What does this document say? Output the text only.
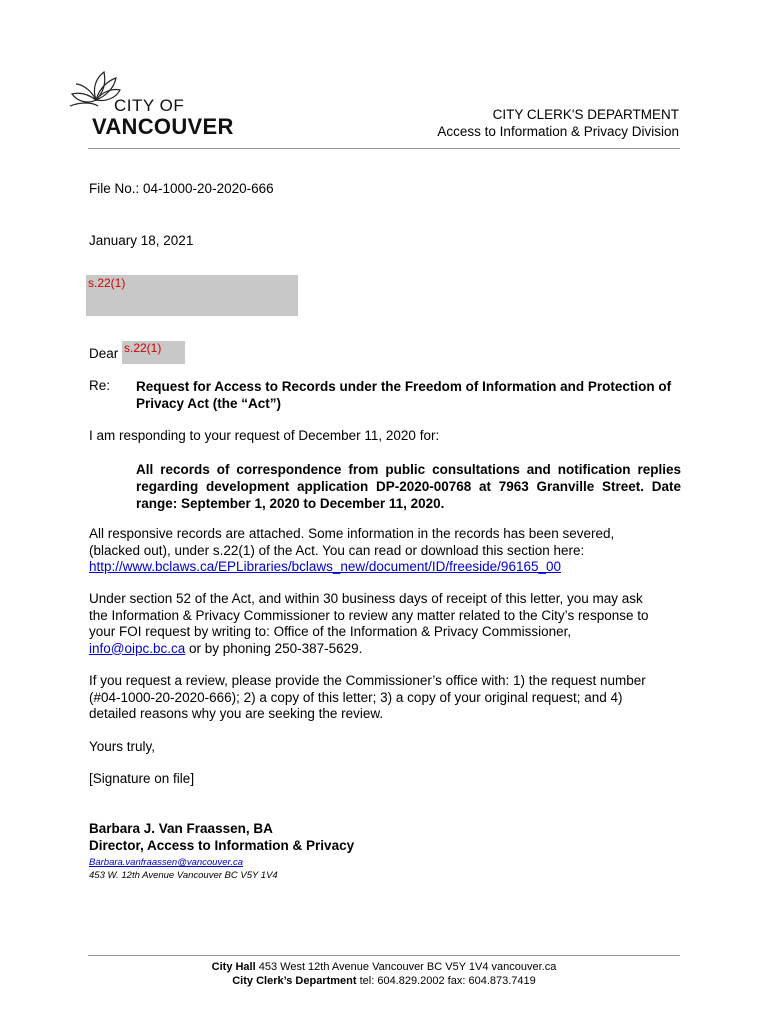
CITY OF
VANCOUVER	CITY CLERK'S DEPARTMENT
Access to Information & Privacy Division
File No.: 04-1000-20-2020-666
January 18, 2021
s.22(1)
Dear s.22(1)
Re: Request for Access to Records under the Freedom of Information and Protection of Privacy Act (the “Act”)
I am responding to your request of December 11, 2020 for:
All records of correspondence from public consultations and notification replies regarding development application DP-2020-00768 at 7963 Granville Street. Date range: September 1, 2020 to December 11, 2020.
All responsive records are attached. Some information in the records has been severed,
(blacked out), under s.22(1) of the Act. You can read or download this section here:
http://www.bclaws.ca/EPLibraries/bclaws_new/document/ID/freeside/96165_00
Under section 52 of the Act, and within 30 business days of receipt of this letter, you may ask
the Information & Privacy Commissioner to review any matter related to the City’s response to
your FOI request by writing to: Office of the Information & Privacy Commissioner,
info@oipc.bc.ca or by phoning 250-387-5629.
If you request a review, please provide the Commissioner’s office with: 1) the request number
(#04-1000-20-2020-666); 2) a copy of this letter; 3) a copy of your original request; and 4)
detailed reasons why you are seeking the review.
Yours truly,
[Signature on file]
Barbara J. Van Fraassen, BA
Director, Access to Information & Privacy
Barbara.vanfraassen@vancouver.ca
453 W. 12th Avenue Vancouver BC V5Y 1V4
City Hall 453 West 12th Avenue Vancouver BC V5Y 1V4 vancouver.ca
City Clerk’s Department tel: 604.829.2002 fax: 604.873.7419
